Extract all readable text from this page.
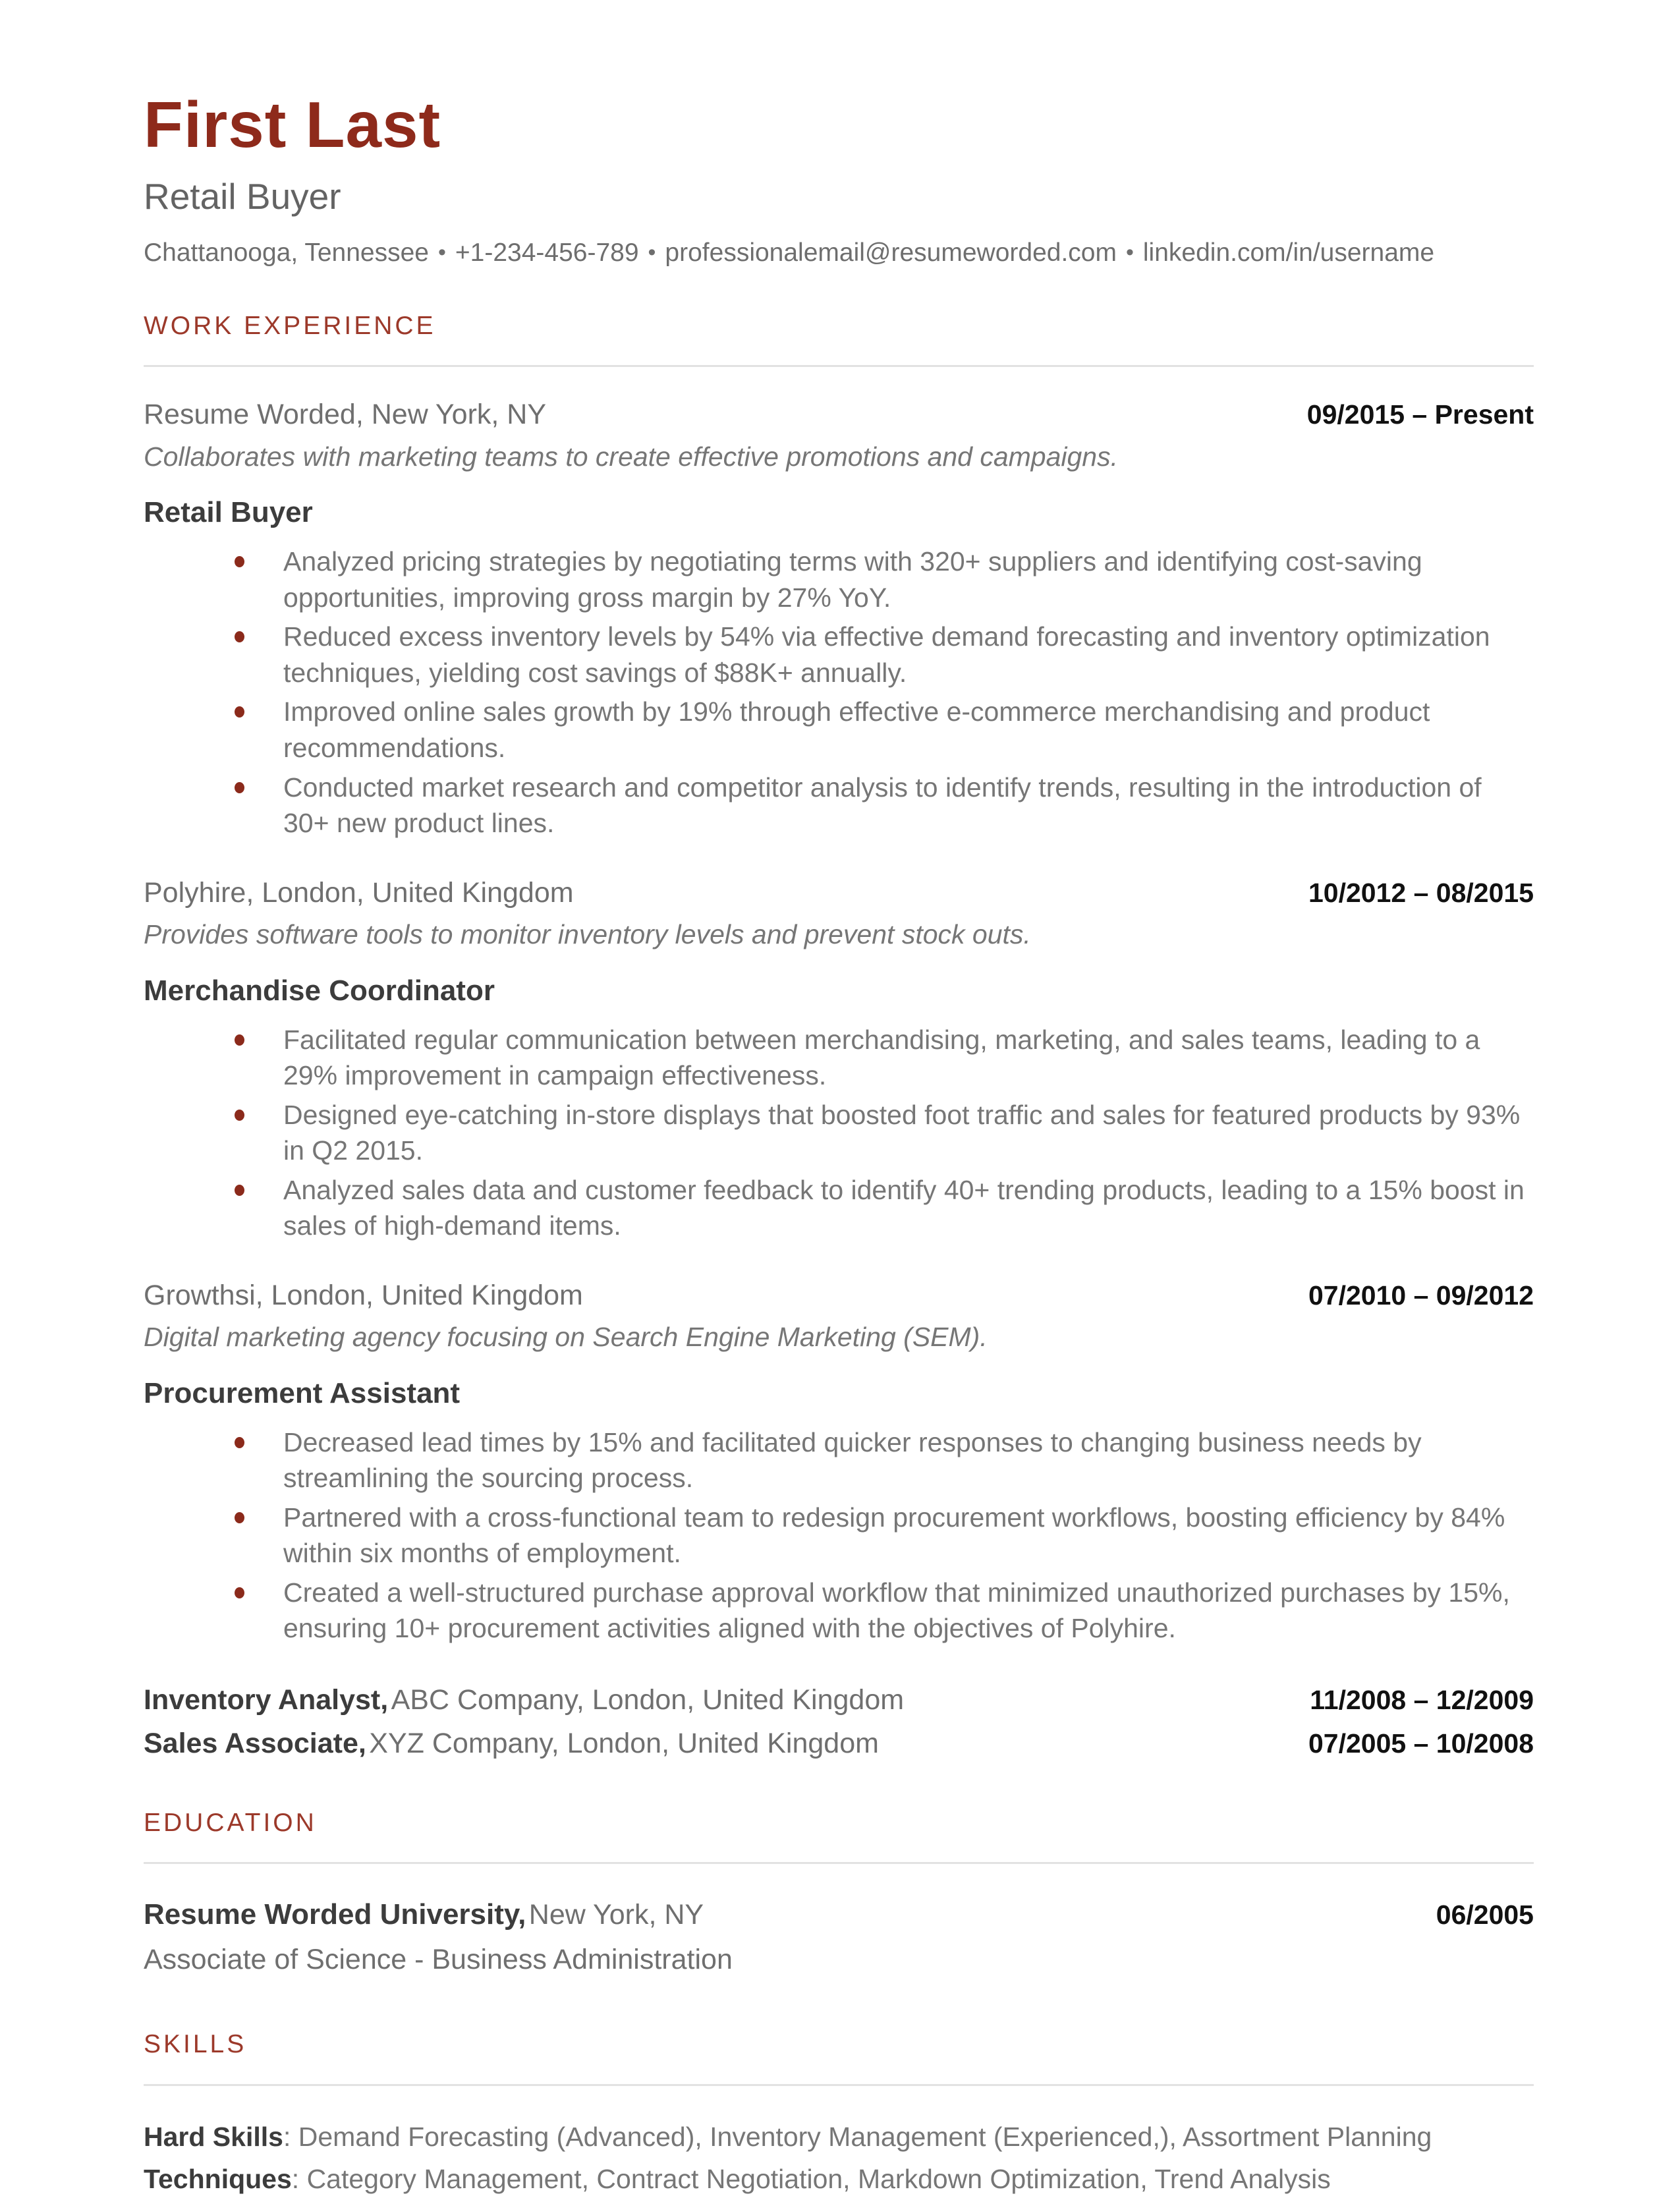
First Last
Retail Buyer
Chattanooga, Tennessee • +1-234-456-789 • professionalemail@resumeworded.com • linkedin.com/in/username
WORK EXPERIENCE
Resume Worded, New York, NY	09/2015 – Present
Collaborates with marketing teams to create effective promotions and campaigns.
Retail Buyer
Analyzed pricing strategies by negotiating terms with 320+ suppliers and identifying cost-saving opportunities, improving gross margin by 27% YoY.
Reduced excess inventory levels by 54% via effective demand forecasting and inventory optimization techniques, yielding cost savings of $88K+ annually.
Improved online sales growth by 19% through effective e-commerce merchandising and product recommendations.
Conducted market research and competitor analysis to identify trends, resulting in the introduction of 30+ new product lines.
Polyhire, London, United Kingdom	10/2012 – 08/2015
Provides software tools to monitor inventory levels and prevent stock outs.
Merchandise Coordinator
Facilitated regular communication between merchandising, marketing, and sales teams, leading to a 29% improvement in campaign effectiveness.
Designed eye-catching in-store displays that boosted foot traffic and sales for featured products by 93% in Q2 2015.
Analyzed sales data and customer feedback to identify 40+ trending products, leading to a 15% boost in sales of high-demand items.
Growthsi, London, United Kingdom	07/2010 – 09/2012
Digital marketing agency focusing on Search Engine Marketing (SEM).
Procurement Assistant
Decreased lead times by 15% and facilitated quicker responses to changing business needs by streamlining the sourcing process.
Partnered with a cross-functional team to redesign procurement workflows, boosting efficiency by 84% within six months of employment.
Created a well-structured purchase approval workflow that minimized unauthorized purchases by 15%, ensuring 10+ procurement activities aligned with the objectives of Polyhire.
Inventory Analyst, ABC Company, London, United Kingdom	11/2008 – 12/2009
Sales Associate, XYZ Company, London, United Kingdom	07/2005 – 10/2008
EDUCATION
Resume Worded University, New York, NY	06/2005
Associate of Science - Business Administration
SKILLS

Hard Skills: Demand Forecasting (Advanced), Inventory Management (Experienced,), Assortment Planning

Techniques: Category Management, Contract Negotiation, Markdown Optimization, Trend Analysis
